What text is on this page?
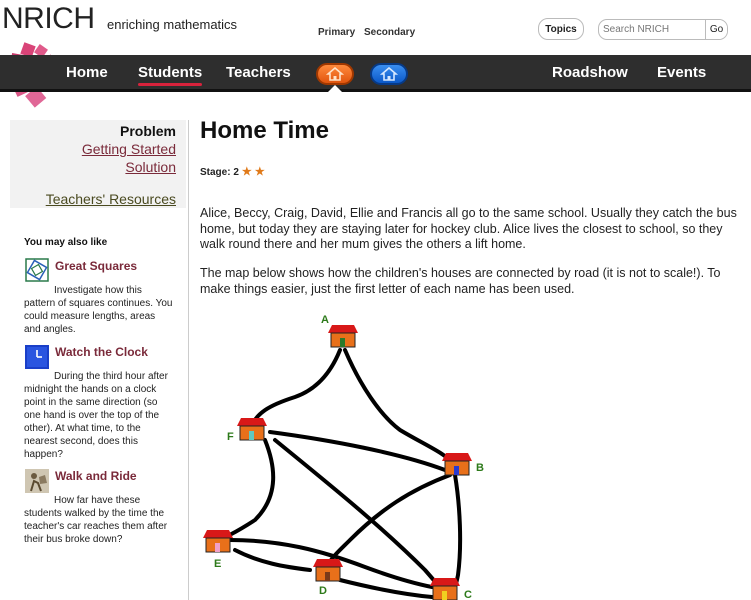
NRICH enriching mathematics
Primary Secondary	Topics
Search NRICH	Go
Home Students Teachers	Roadshow Events
Problem
Getting Started
Solution
Teachers' Resources
You may also like
Great Squares
Investigate how this pattern of squares continues. You could measure lengths, areas and angles.
Watch the Clock
During the third hour after midnight the hands on a clock point in the same direction (so one hand is over the top of the other). At what time, to the nearest second, does this happen?
Walk and Ride
How far have these students walked by the time the teacher's car reaches them after their bus broke down?
Home Time
Stage: 2 ★ ★

Alice, Beccy, Craig, David, Ellie and Francis all go to the same school. Usually they catch the bus home, but today they are staying later for hockey club. Alice lives the closest to school, so they walk round there and her mum gives the others a lift home.

The map below shows how the children's houses are connected by road (it is not to scale!). To make things easier, just the first letter of each name has been used.

A
B
C
D
E
F
